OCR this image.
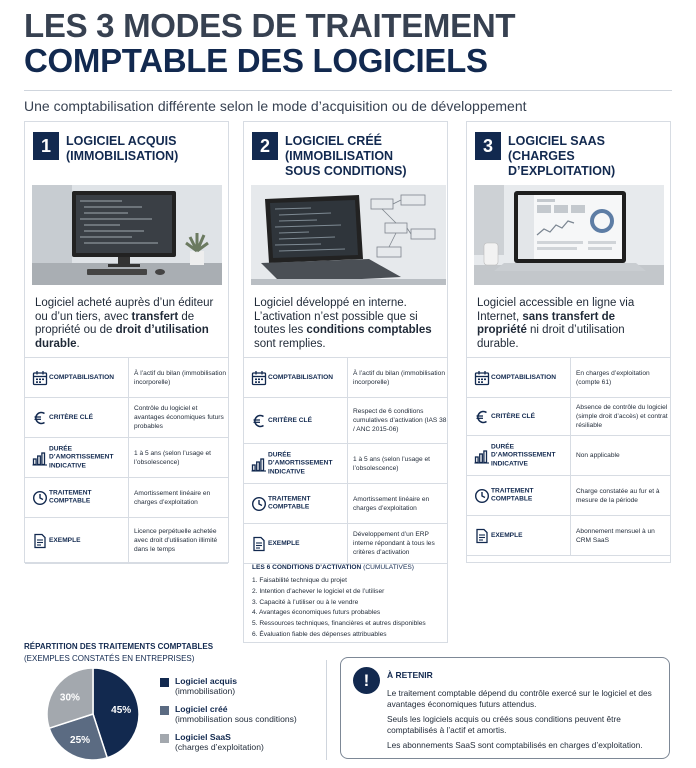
LES 3 MODES DE TRAITEMENT
COMPTABLE DES LOGICIELS
Une comptabilisation différente selon le mode d’acquisition ou de développement
1	LOGICIEL ACQUIS (IMMOBILISATION)
Logiciel acheté auprès d’un éditeur ou d’un tiers, avec transfert de propriété ou de droit d’utilisation durable.
COMPTABILISATION
À l’actif du bilan (immobilisation incorporelle)
CRITÈRE CLÉ
Contrôle du logiciel et avantages économiques futurs probables
DURÉE D’AMORTISSEMENT INDICATIVE
1 à 5 ans (selon l’usage et l’obsolescence)
TRAITEMENT COMPTABLE
Amortissement linéaire en charges d’exploitation
EXEMPLE
Licence perpétuelle achetée avec droit d’utilisation illimité dans le temps
2	LOGICIEL CRÉÉ (IMMOBILISATION SOUS CONDITIONS)
Logiciel développé en interne. L’activation n’est possible que si toutes les conditions comptables sont remplies.
COMPTABILISATION
À l’actif du bilan (immobilisation incorporelle)
CRITÈRE CLÉ
Respect de 6 conditions cumulatives d’activation (IAS 38 / ANC 2015-06)
DURÉE D’AMORTISSEMENT INDICATIVE
1 à 5 ans (selon l’usage et l’obsolescence)
TRAITEMENT COMPTABLE
Amortissement linéaire en charges d’exploitation
EXEMPLE
Développement d’un ERP interne répondant à tous les critères d’activation
LES 6 CONDITIONS D’ACTIVATION (CUMULATIVES)
1. Faisabilité technique du projet
2. Intention d’achever le logiciel et de l’utiliser
3. Capacité à l’utiliser ou à le vendre
4. Avantages économiques futurs probables
5. Ressources techniques, financières et autres disponibles
6. Évaluation fiable des dépenses attribuables
3	LOGICIEL SAAS (CHARGES D’EXPLOITATION)
Logiciel accessible en ligne via Internet, sans transfert de propriété ni droit d’utilisation durable.
COMPTABILISATION
En charges d’exploitation (compte 61)
CRITÈRE CLÉ
Absence de contrôle du logiciel (simple droit d’accès) et contrat résiliable
DURÉE D’AMORTISSEMENT INDICATIVE
Non applicable
TRAITEMENT COMPTABLE
Charge constatée au fur et à mesure de la période
EXEMPLE
Abonnement mensuel à un CRM SaaS
RÉPARTITION DES TRAITEMENTS COMPTABLES
(EXEMPLES CONSTATÉS EN ENTREPRISES)
45%
25%
30%
Logiciel acquis
(immobilisation)
Logiciel créé
(immobilisation sous conditions)
Logiciel SaaS
(charges d’exploitation)
!	À RETENIR
Le traitement comptable dépend du contrôle exercé sur le logiciel et des avantages économiques futurs attendus.
Seuls les logiciels acquis ou créés sous conditions peuvent être comptabilisés à l’actif et amortis.
Les abonnements SaaS sont comptabilisés en charges d’exploitation.
